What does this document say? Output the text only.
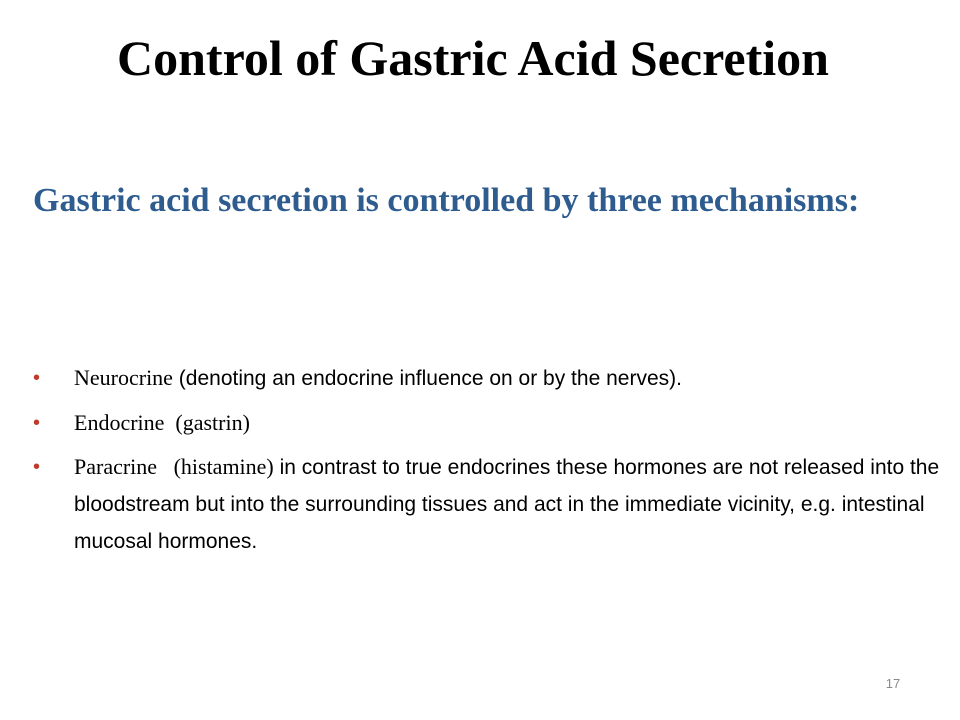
Control of Gastric Acid Secretion

Gastric acid secretion is controlled by three mechanisms:

• Neurocrine (denoting an endocrine influence on or by the nerves).
• Endocrine  (gastrin)
• Paracrine   (histamine) in contrast to true endocrines these hormones are not released into the bloodstream but into the surrounding tissues and act in the immediate vicinity, e.g. intestinal mucosal hormones.
17
